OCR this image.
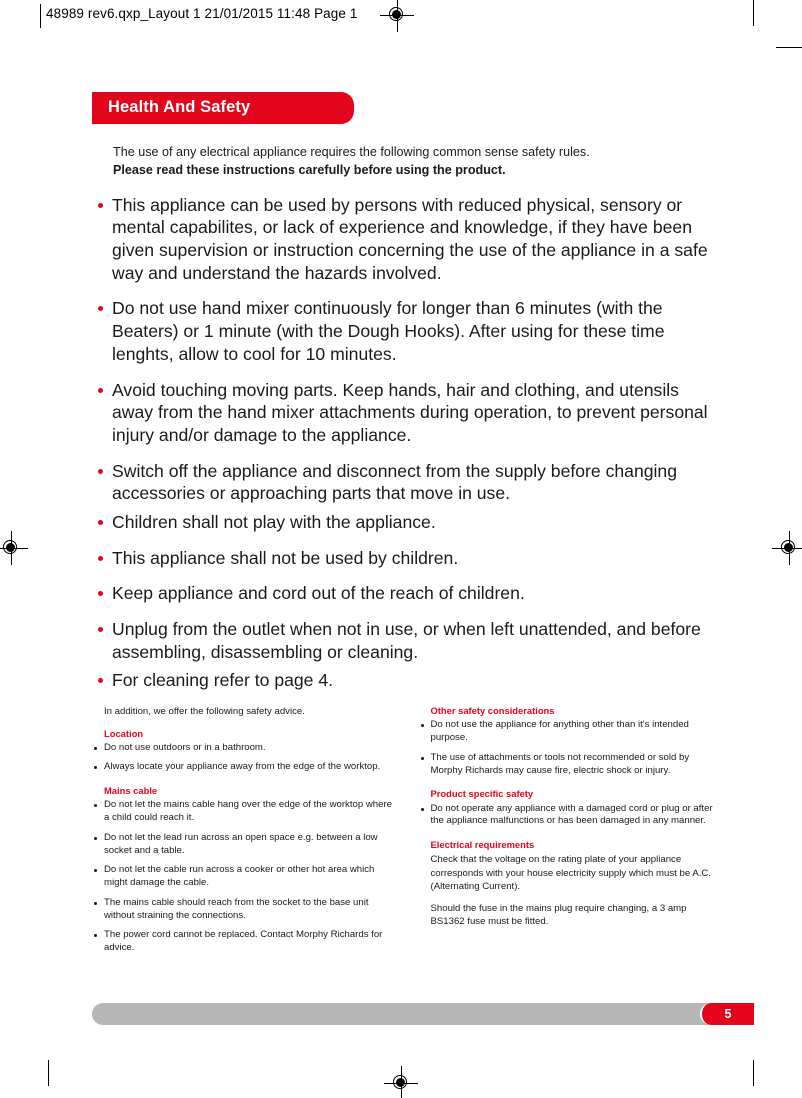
48989 rev6.qxp_Layout 1 21/01/2015 11:48 Page 1
Health And Safety
The use of any electrical appliance requires the following common sense safety rules.
Please read these instructions carefully before using the product.
This appliance can be used by persons with reduced physical, sensory or mental capabilites, or lack of experience and knowledge, if they have been given supervision or instruction concerning the use of the appliance in a safe way and understand the hazards involved.
Do not use hand mixer continuously for longer than 6 minutes (with the Beaters) or 1 minute (with the Dough Hooks). After using for these time lenghts, allow to cool for 10 minutes.
Avoid touching moving parts. Keep hands, hair and clothing, and utensils away from the hand mixer attachments during operation, to prevent personal injury and/or damage to the appliance.
Switch off the appliance and disconnect from the supply before changing accessories or approaching parts that move in use.
Children shall not play with the appliance.
This appliance shall not be used by children.
Keep appliance and cord out of the reach of children.
Unplug from the outlet when not in use, or when left unattended, and before assembling, disassembling or cleaning.
For cleaning refer to page 4.

In addition, we offer the following safety advice.

Location

Do not use outdoors or in a bathroom.
Always locate your appliance away from the edge of the worktop.

Mains cable

Do not let the mains cable hang over the edge of the worktop where a child could reach it.
Do not let the lead run across an open space e.g. between a low socket and a table.
Do not let the cable run across a cooker or other hot area which might damage the cable.
The mains cable should reach from the socket to the base unit without straining the connections.
The power cord cannot be replaced. Contact Morphy Richards for advice.

Other safety considerations

Do not use the appliance for anything other than it's intended purpose.
The use of attachments or tools not recommended or sold by Morphy Richards may cause fire, electric shock or injury.

Product specific safety

Do not operate any appliance with a damaged cord or plug or after the appliance malfunctions or has been damaged in any manner.

Electrical requirements

Check that the voltage on the rating plate of your appliance corresponds with your house electricity supply which must be A.C. (Alternating Current).

Should the fuse in the mains plug require changing, a 3 amp BS1362 fuse must be fitted.

5
